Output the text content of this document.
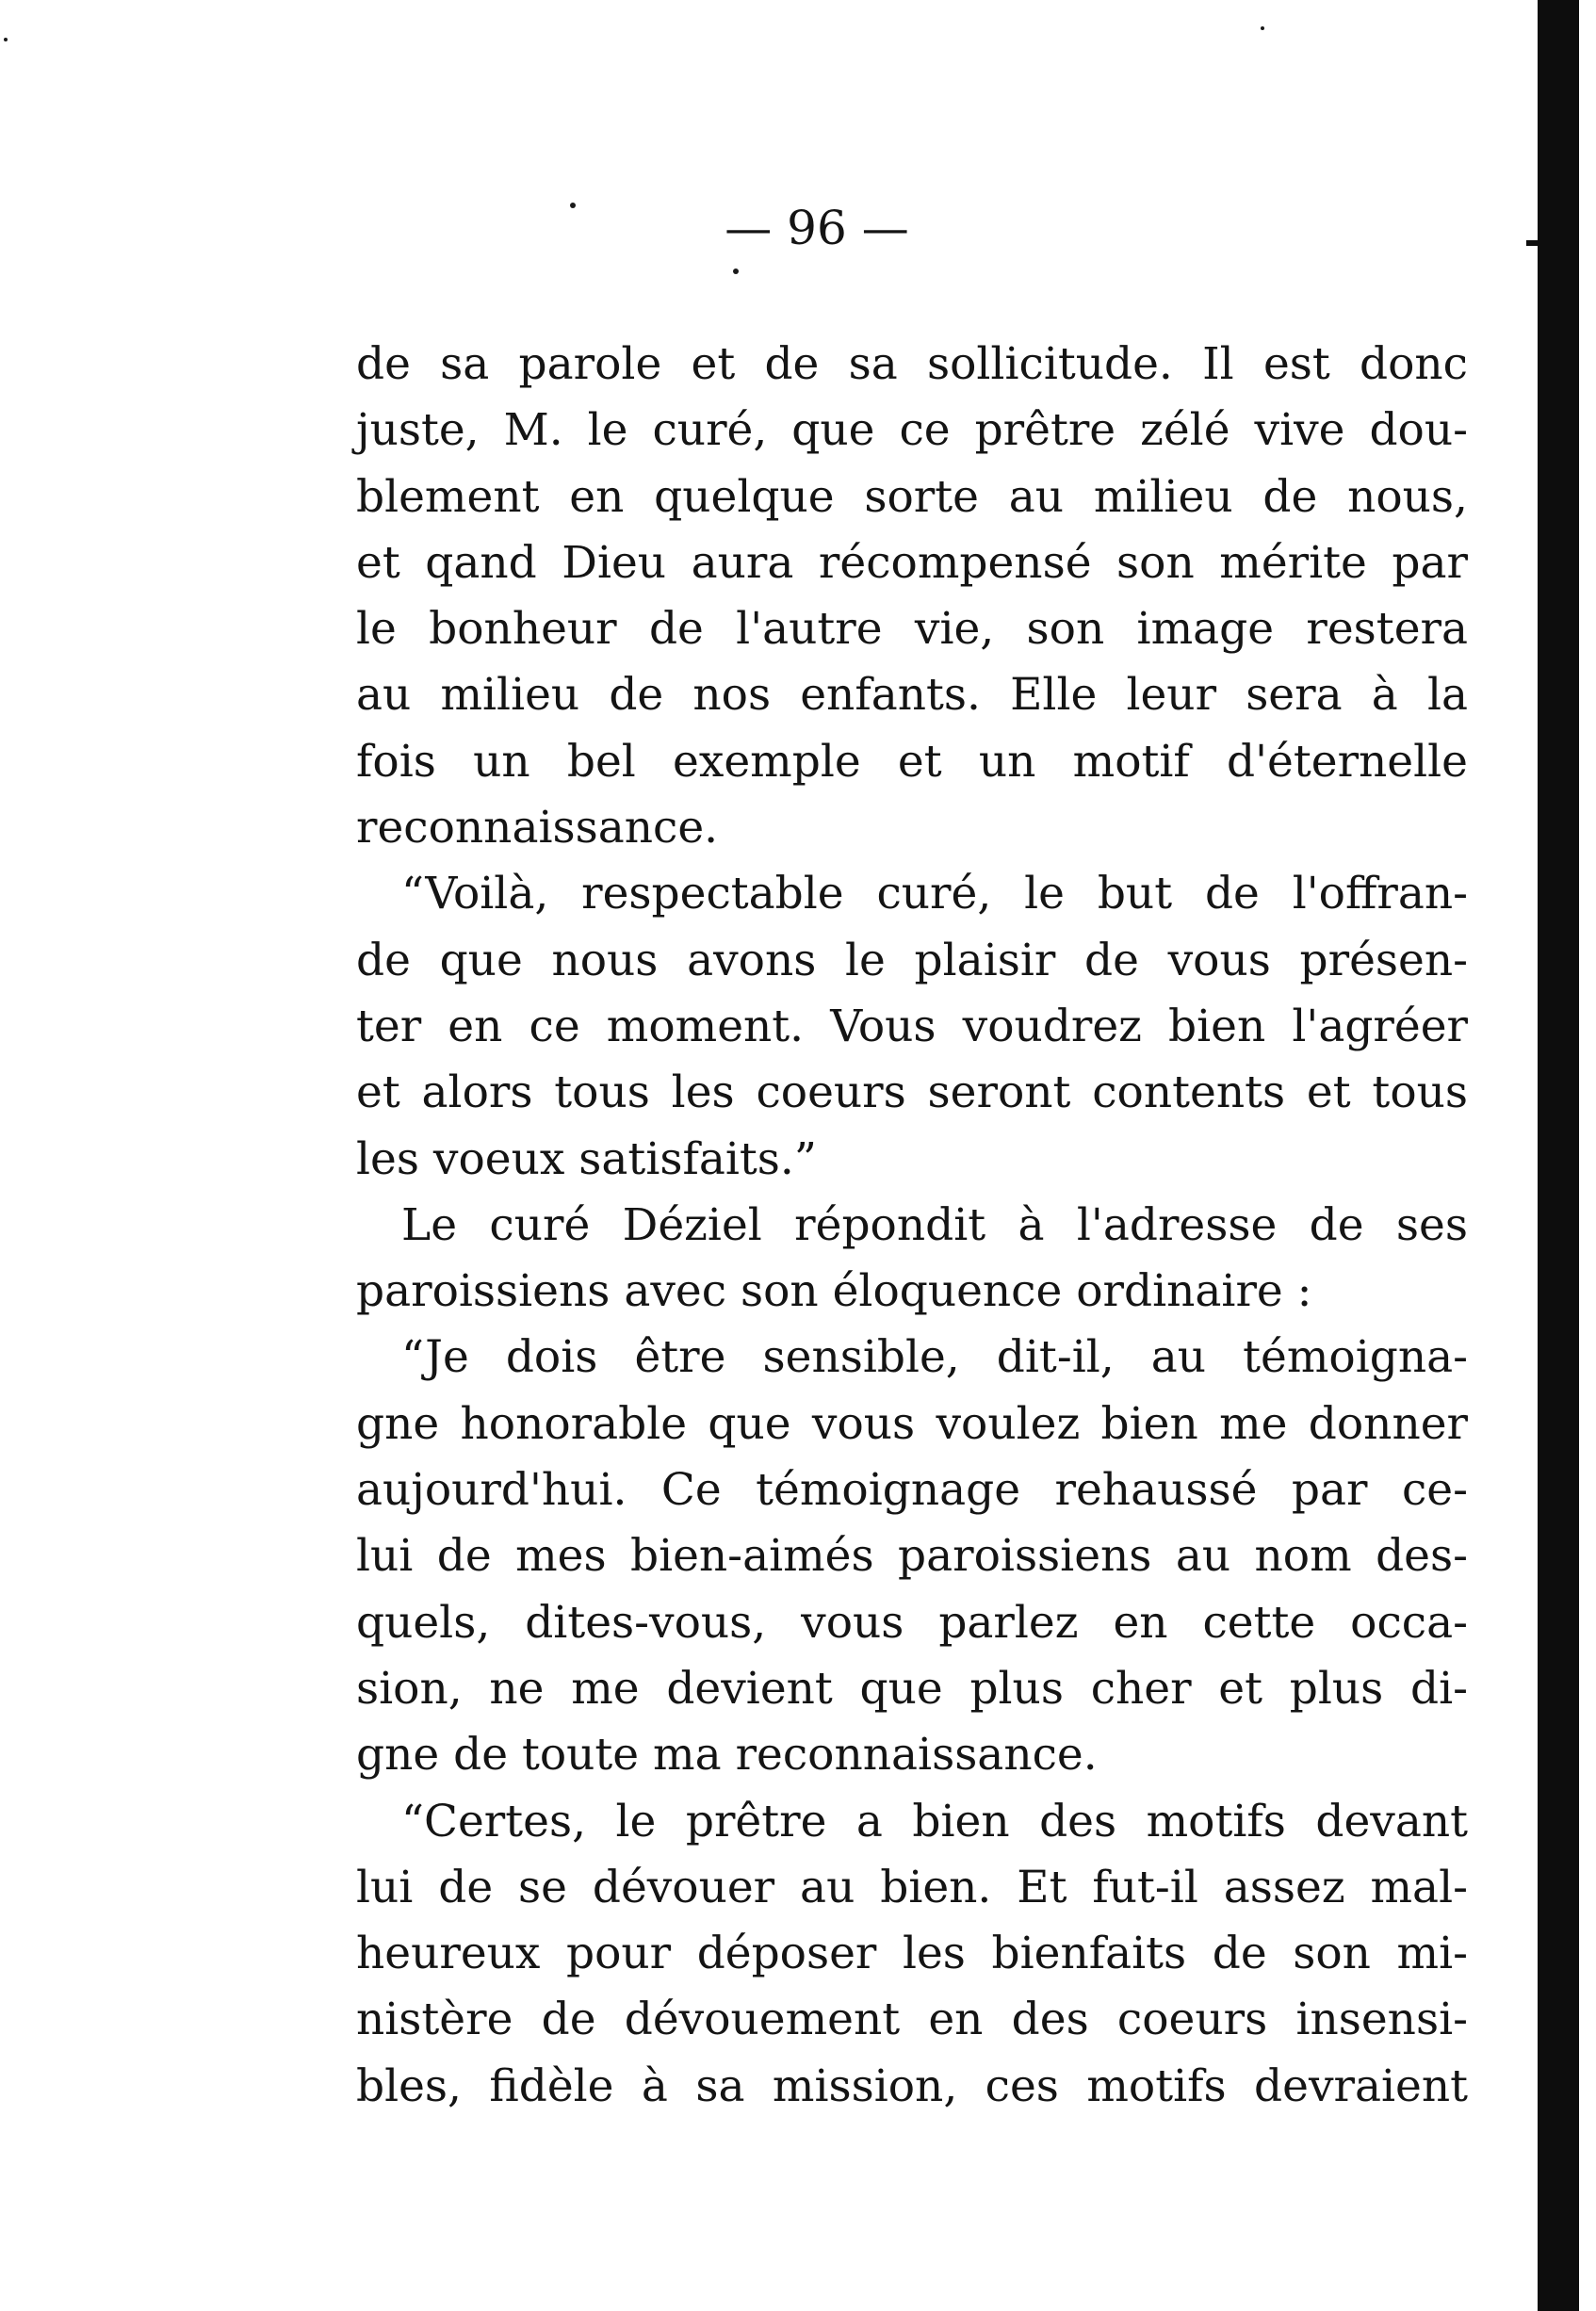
— 96 —
de sa parole et de sa sollicitude. Il est donc
juste, M. le curé, que ce prêtre zélé vive dou-
blement en quelque sorte au milieu de nous,
et qand Dieu aura récompensé son mérite par
le bonheur de l'autre vie, son image restera
au milieu de nos enfants. Elle leur sera à la
fois un bel exemple et un motif d'éternelle
reconnaissance.
“Voilà, respectable curé, le but de l'offran-
de que nous avons le plaisir de vous présen-
ter en ce moment. Vous voudrez bien l'agréer
et alors tous les coeurs seront contents et tous
les voeux satisfaits.”
Le curé Déziel répondit à l'adresse de ses
paroissiens avec son éloquence ordinaire :
“Je dois être sensible, dit-il, au témoigna-
gne honorable que vous voulez bien me donner
aujourd'hui. Ce témoignage rehaussé par ce-
lui de mes bien-aimés paroissiens au nom des-
quels, dites-vous, vous parlez en cette occa-
sion, ne me devient que plus cher et plus di-
gne de toute ma reconnaissance.
“Certes, le prêtre a bien des motifs devant
lui de se dévouer au bien. Et fut-il assez mal-
heureux pour déposer les bienfaits de son mi-
nistère de dévouement en des coeurs insensi-
bles, fidèle à sa mission, ces motifs devraient
